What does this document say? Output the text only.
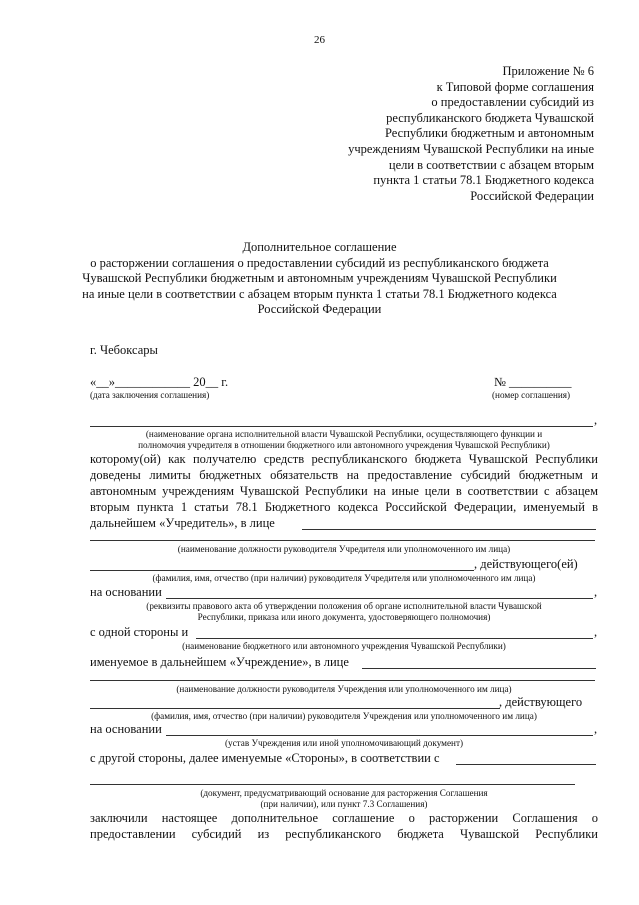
26
Приложение № 6
к Типовой форме соглашения
о предоставлении субсидий из
республиканского бюджета Чувашской
Республики бюджетным и автономным
учреждениям Чувашской Республики на иные
цели в соответствии с абзацем вторым
пункта 1 статьи 78.1 Бюджетного кодекса
Российской Федерации
Дополнительное соглашение
о расторжении соглашения о предоставлении субсидий из республиканского бюджета
Чувашской Республики бюджетным и автономным учреждениям Чувашской Республики
на иные цели в соответствии с абзацем вторым пункта 1 статьи 78.1 Бюджетного кодекса
Российской Федерации
г. Чебоксары
«__»____________ 20__ г.
(дата заключения соглашения)
№ __________
(номер соглашения)
,
(наименование органа исполнительной власти Чувашской Республики, осуществляющего функции и
полномочия учредителя в отношении бюджетного или автономного учреждения Чувашской Республики)
которому(ой) как получателю средств республиканского бюджета Чувашской Республики
доведены лимиты бюджетных обязательств на предоставление субсидий бюджетным и
автономным учреждениям Чувашской Республики на иные цели в соответствии с абзацем
вторым пункта 1 статьи 78.1 Бюджетного кодекса Российской Федерации, именуемый в
дальнейшем «Учредитель», в лице
(наименование должности руководителя Учредителя или уполномоченного им лица)
, действующего(ей)
(фамилия, имя, отчество (при наличии) руководителя Учредителя или уполномоченного им лица)
на основании	,
(реквизиты правового акта об утверждении положения об органе исполнительной власти Чувашской
Республики, приказа или иного документа, удостоверяющего полномочия)
с одной стороны и	,
(наименование бюджетного или автономного учреждения Чувашской Республики)
именуемое в дальнейшем «Учреждение», в лице
(наименование должности руководителя Учреждения или уполномоченного им лица)
, действующего
(фамилия, имя, отчество (при наличии) руководителя Учреждения или уполномоченного им лица)
на основании	,
(устав Учреждения или иной уполномочивающий документ)
с другой стороны, далее именуемые «Стороны», в соответствии с
(документ, предусматривающий основание для расторжения Соглашения
(при наличии), или пункт 7.3 Соглашения)
заключили настоящее дополнительное соглашение о расторжении Соглашения о
предоставлении субсидий из республиканского бюджета Чувашской Республики
